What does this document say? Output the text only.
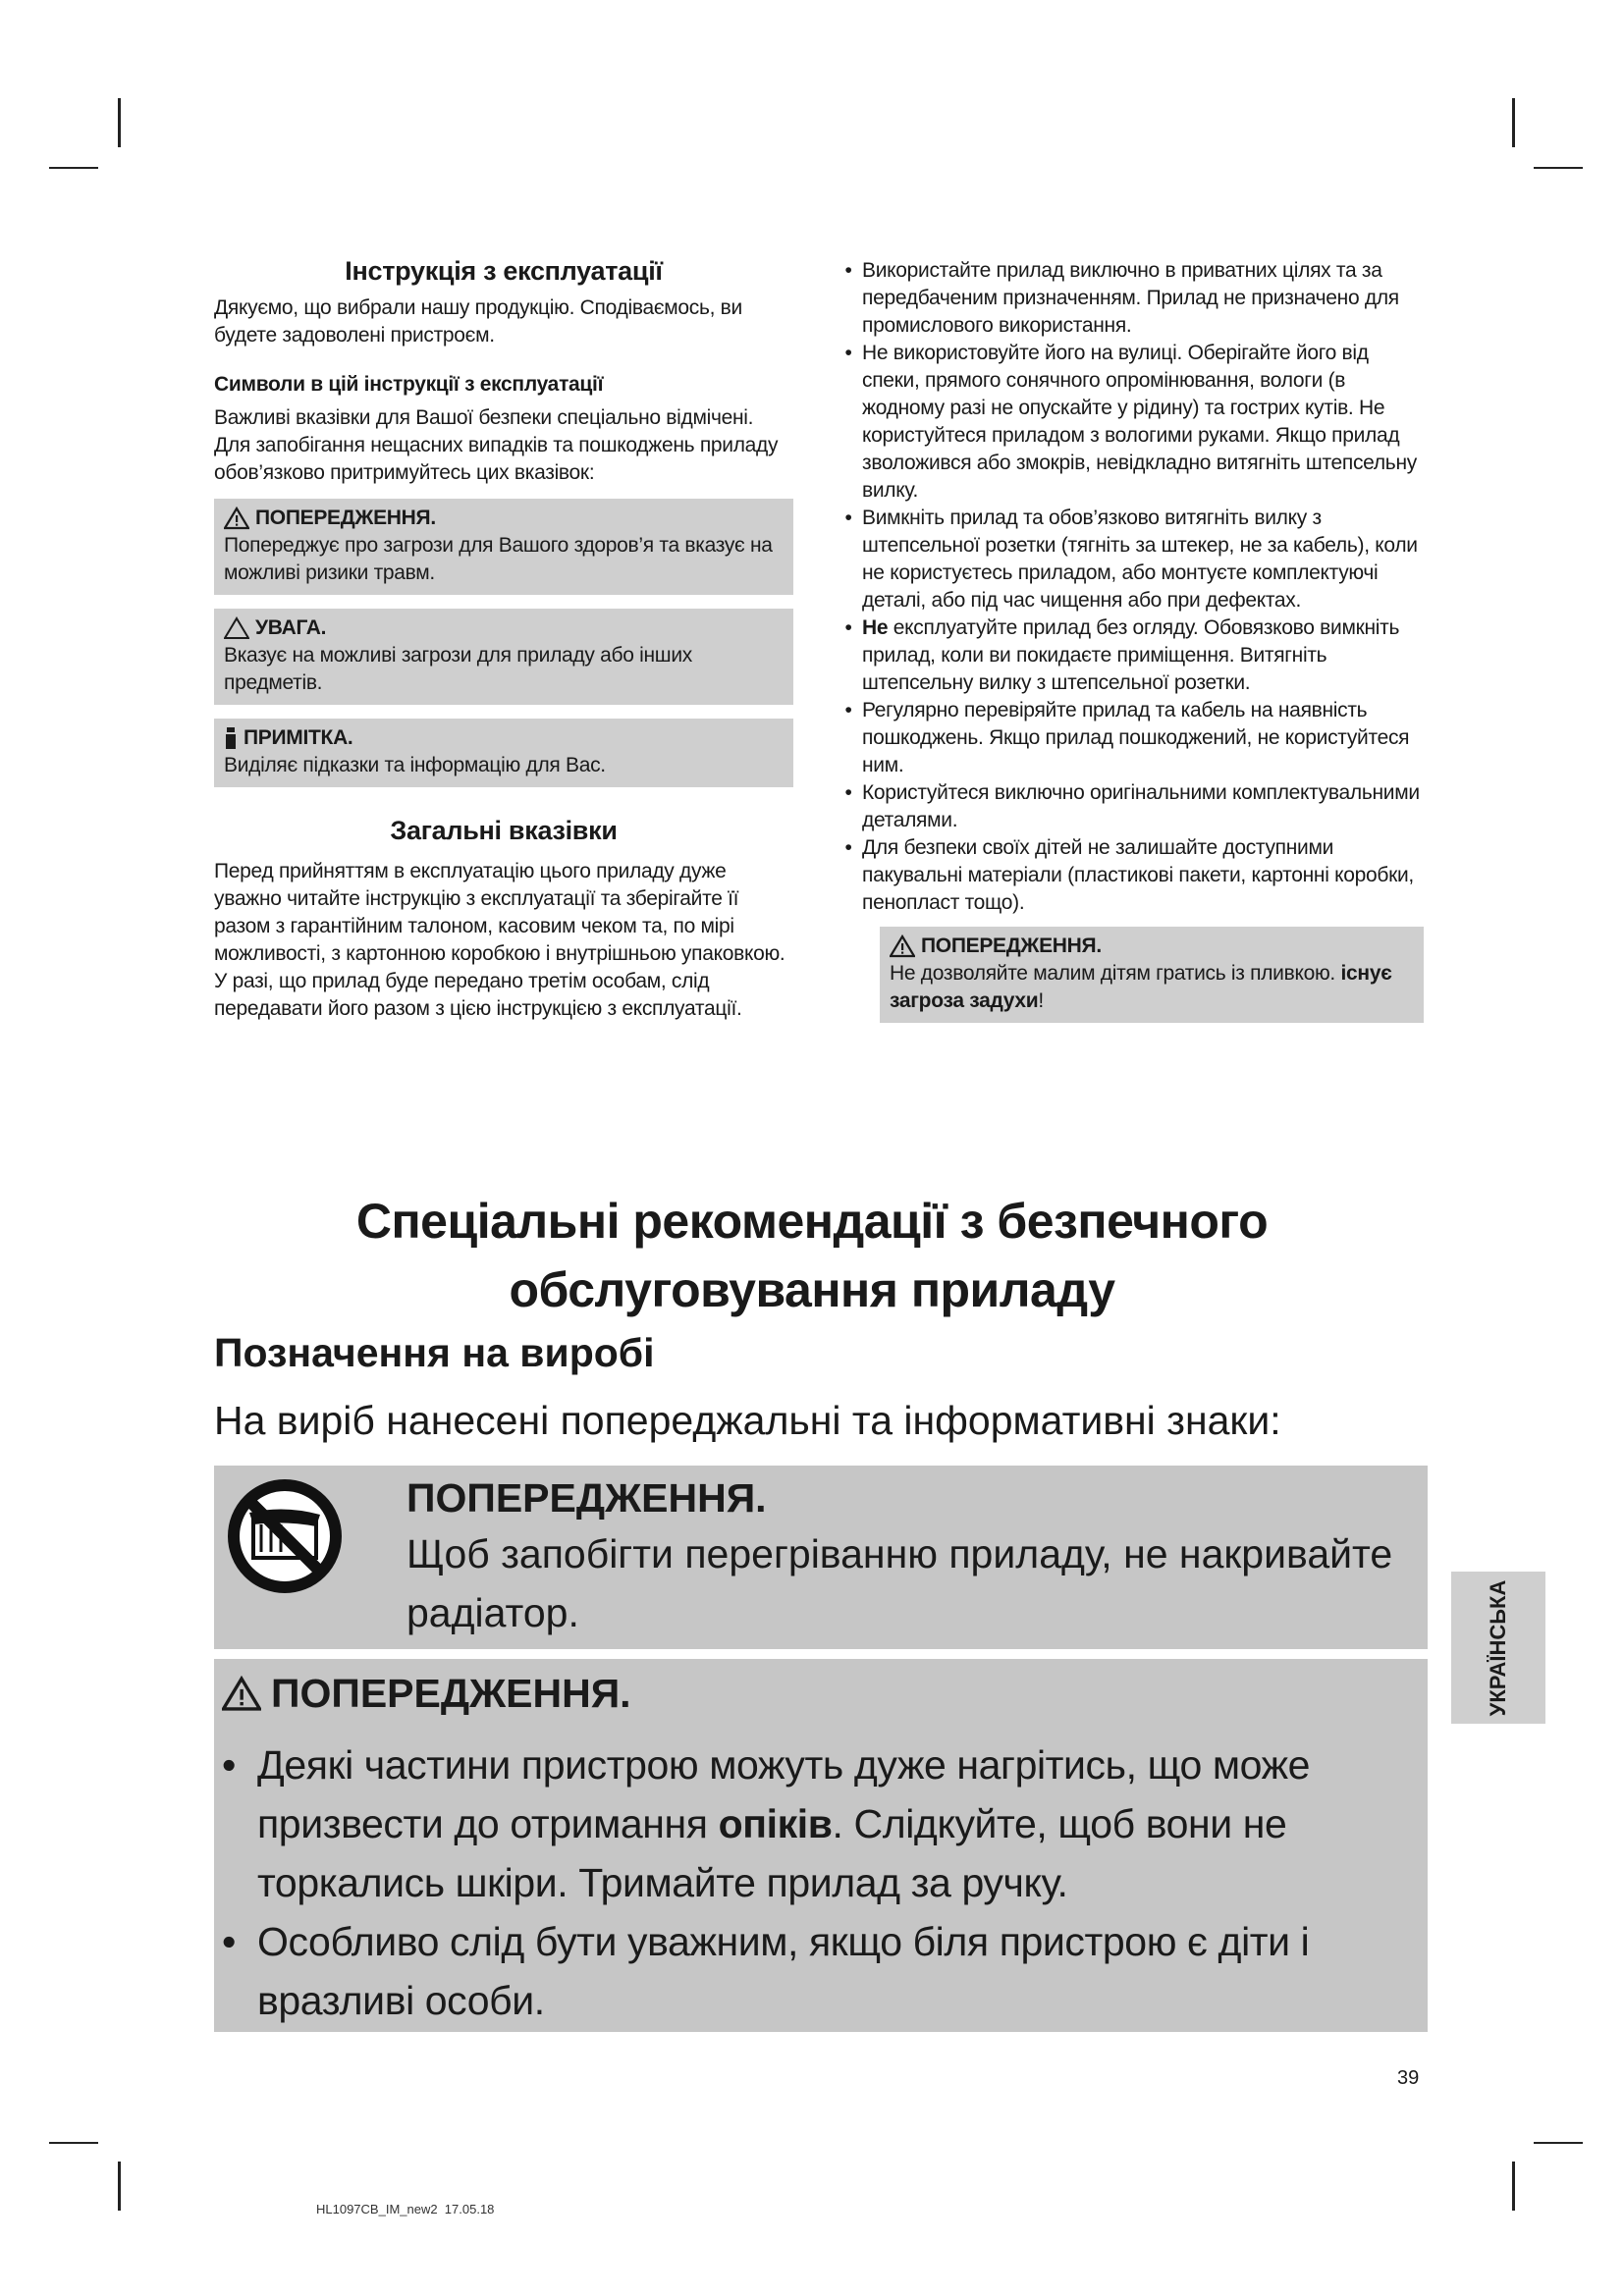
Інструкція з експлуатації

Дякуємо, що вибрали нашу продукцію. Сподіваємось, ви будете задоволені пристроєм.

Символи в цій інструкції з експлуатації

Важливі вказівки для Вашої безпеки спеціально відмічені. Для запобігання нещасних випадків та пошкоджень приладу обов’язково притримуйтесь цих вказівок:

ПОПЕРЕДЖЕННЯ.

Попереджує про загрози для Вашого здоров’я та вказує на можливі ризики травм.

УВАГА.

Вказує на можливі загрози для приладу або інших предметів.

ПРИМІТКА.

Виділяє підказки та інформацію для Вас.

Загальні вказівки

Перед прийняттям в експлуатацію цього приладу дуже уважно читайте інструкцію з експлуатації та зберігайте її разом з гарантійним талоном, касовим чеком та, по мірі можливості, з картонною коробкою і внутрішньою упаковкою. У разі, що прилад буде передано третім особам, слід передавати його разом з цією інструкцією з експлуатації.

• Використайте прилад виключно в приватних цілях та за передбаченим призначенням. Прилад не призначено для промислового використання.
• Не використовуйте його на вулиці. Оберігайте його від спеки, прямого сонячного опромінювання, вологи (в жодному разі не опускайте у рідину) та гострих кутів. Не користуйтеся приладом з вологими руками. Якщо прилад зволожився або змокрів, невідкладно витягніть штепсельну вилку.
• Вимкніть прилад та обов’язково витягніть вилку з штепсельної розетки (тягніть за штекер, не за кабель), коли не користуєтесь приладом, або монтуєте комплектуючі деталі, або під час чищення або при дефектах.
• Не експлуатуйте прилад без огляду. Обовязково вимкніть прилад, коли ви покидаєте приміщення. Витягніть штепсельну вилку з штепсельної розетки.
• Регулярно перевіряйте прилад та кабель на наявність пошкоджень. Якщо прилад пошкоджений, не користуйтеся ним.
• Користуйтеся виключно оригінальними комплектувальними деталями.
• Для безпеки своїх дітей не залишайте доступними пакувальні матеріали (пластикові пакети, картонні коробки, пенопласт тощо).
ПОПЕРЕДЖЕННЯ.

Не дозволяйте малим дітям гратись із пливкою. існує загроза задухи!

Спеціальні рекомендації з безпечного
обслуговування приладу
Позначення на виробі
На виріб нанесені попереджальні та інформативні знаки:
ПОПЕРЕДЖЕННЯ.
Щоб запобігти перегріванню приладу, не накривайте радіатор.
ПОПЕРЕДЖЕННЯ.
• Деякі частини пристрою можуть дуже нагрітись, що може призвести до отримання опіків. Слідкуйте, щоб вони не торкались шкіри. Тримайте прилад за ручку.
• Особливо слід бути уважним, якщо біля пристрою є діти і вразливі особи.
УКРАЇНСЬКА
39
HL1097CB_IM_new2  17.05.18
